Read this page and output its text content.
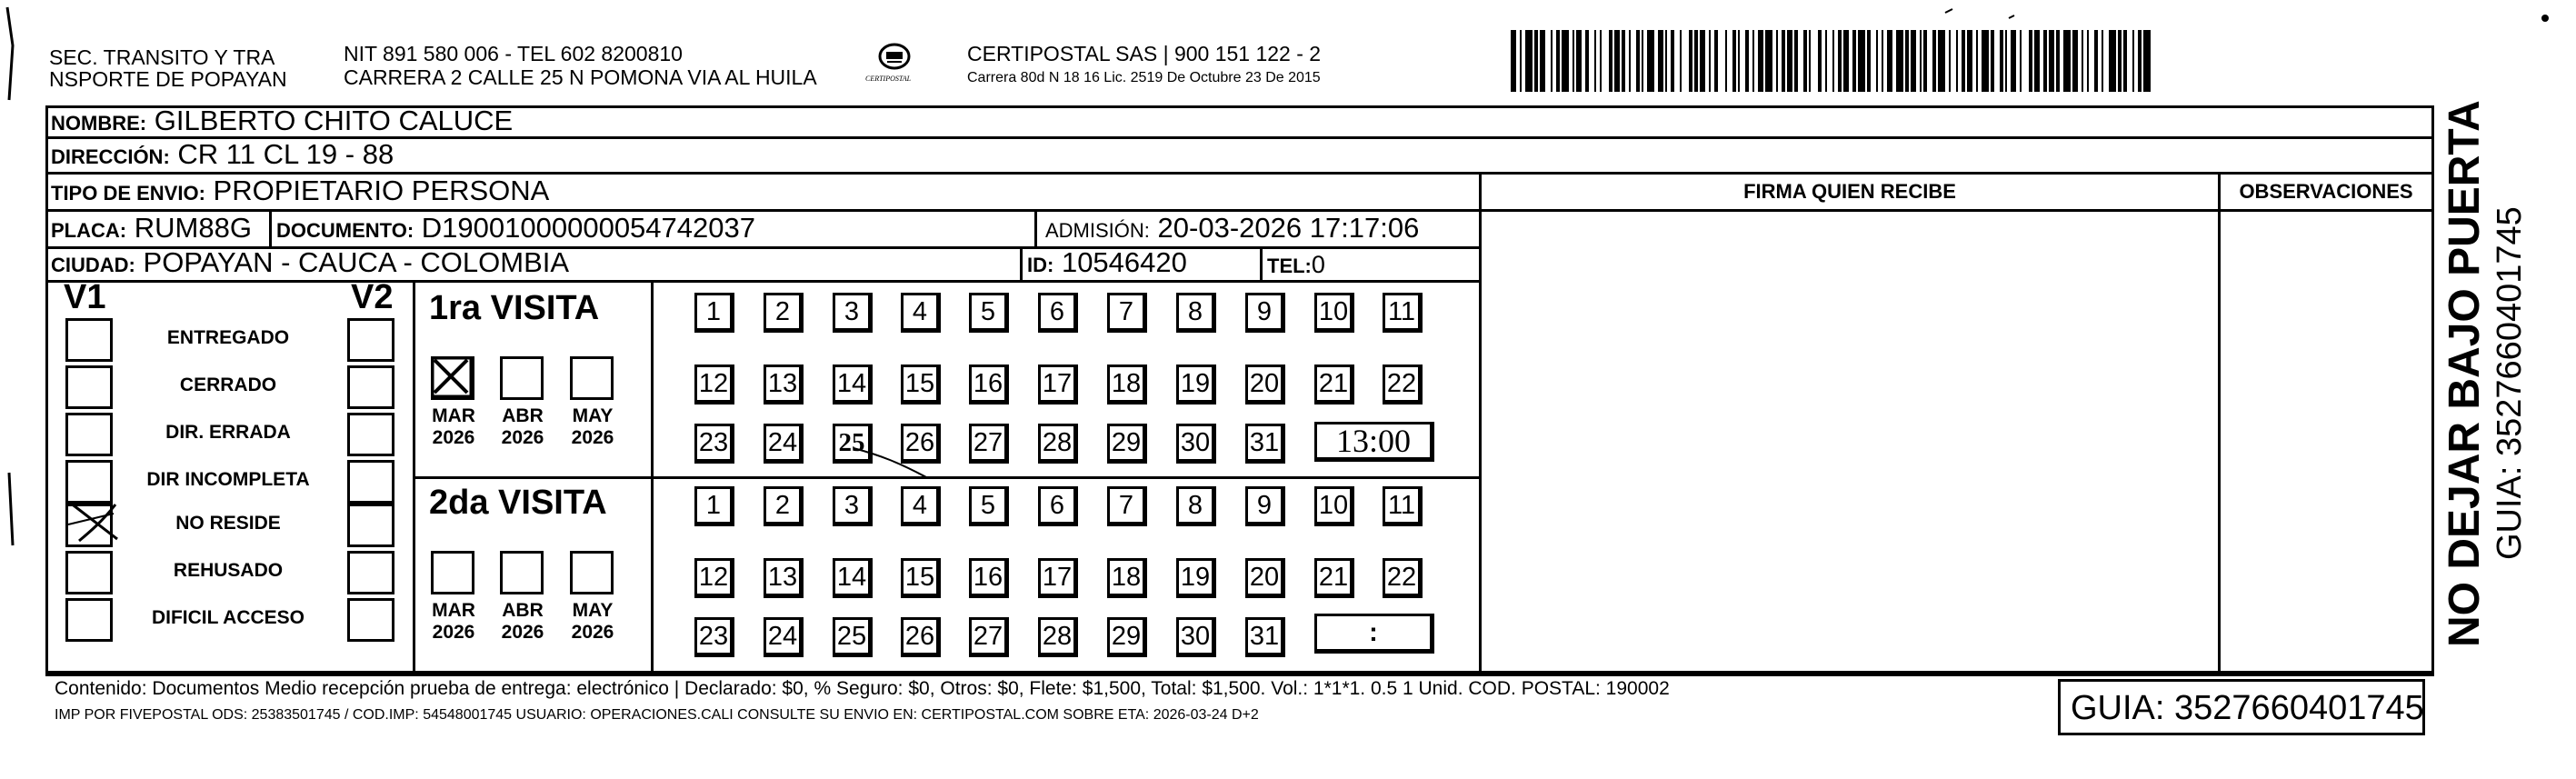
SEC. TRANSITO Y TRA
NSPORTE DE POPAYAN
NIT 891 580 006 - TEL 602 8200810
CARRERA 2 CALLE 25 N POMONA VIA AL HUILA	CERTIPOSTAL
CERTIPOSTAL SAS | 900 151 122 - 2
Carrera 80d N 18 16 Lic. 2519 De Octubre 23 De 2015
NOMBRE: GILBERTO CHITO CALUCE
DIRECCIÓN: CR 11 CL 19 - 88
TIPO DE ENVIO: PROPIETARIO PERSONA
PLACA: RUM88G DOCUMENTO: D19001000000054742037	ADMISIÓN: 20-03-2026 17:17:06
CIUDAD: POPAYAN - CAUCA - COLOMBIA	ID: 10546420	TEL:0
FIRMA QUIEN RECIBE	OBSERVACIONES
V1	V2 1ra VISITA
13:00
2da VISITA
:
Contenido: Documentos Medio recepción prueba de entrega: electrónico | Declarado: $0, % Seguro: $0, Otros: $0, Flete: $1,500, Total: $1,500. Vol.: 1*1*1. 0.5 1 Unid. COD. POSTAL: 190002
IMP POR FIVEPOSTAL ODS: 25383501745 / COD.IMP: 54548001745 USUARIO: OPERACIONES.CALI CONSULTE SU ENVIO EN: CERTIPOSTAL.COM SOBRE ETA: 2026-03-24 D+2	GUIA: 3527660401745
NO DEJAR BAJO PUERTA GUIA: 3527660401745
ENTREGADO
CERRADO
DIR. ERRADA
DIR INCOMPLETA
NO RESIDE
REHUSADO
DIFICIL ACCESO
MAR
2026
ABR
2026
MAY
2026
1	2	3	4	5	6	7	8	9	10 11
12 13 14 15 16 17 18 19 20 21 22
23 24 25 26 27 28 29 30 31
MAR
2026
ABR
2026
MAY
2026
1	2	3	4	5	6	7	8	9	10 11
12 13 14 15 16 17 18 19 20 21 22
23 24 25 26 27 28 29 30 31
